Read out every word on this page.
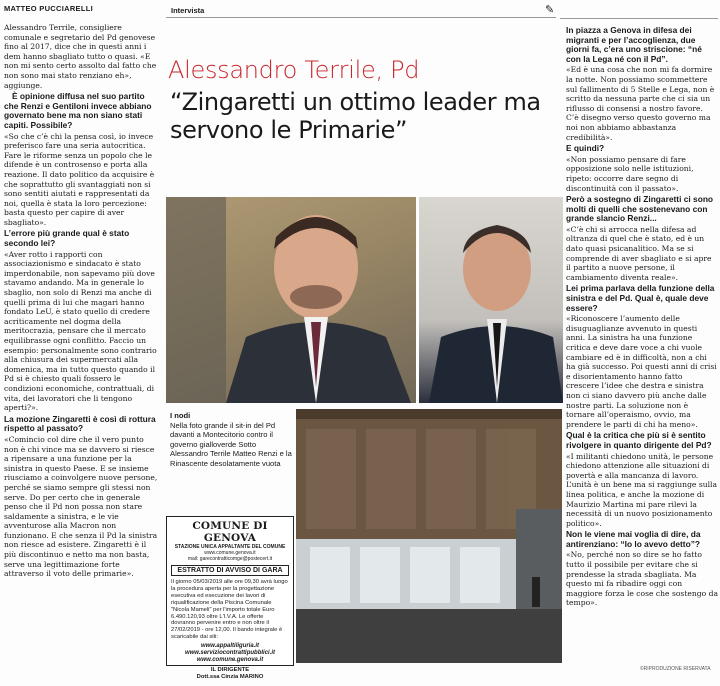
MATTEO PUCCIARELLI

Alessandro Terrile, consigliere comunale e segretario del Pd genovese fino al 2017, dice che in questi anni i dem hanno sbagliato tutto o quasi. «E non mi sento certo assolto dal fatto che non sono mai stato renziano eh», aggiunge.

È opinione diffusa nel suo partito che Renzi e Gentiloni invece abbiano governato bene ma non siano stati capiti. Possibile?

«So che c’è chi la pensa così, io invece preferisco fare una seria autocritica. Fare le riforme senza un popolo che le difende è un controsenso e porta alla reazione. Il dato politico da acquisire è che soprattutto gli svantaggiati non si sono sentiti aiutati e rappresentati da noi, quella è stata la loro percezione: basta questo per capire di aver sbagliato».

L’errore più grande qual è stato secondo lei?

«Aver rotto i rapporti con associazionismo e sindacato è stato imperdonabile, non sapevamo più dove stavamo andando. Ma in generale lo sbaglio, non solo di Renzi ma anche di quelli prima di lui che magari hanno fondato LeU, è stato quello di credere acriticamente nel dogma della meritocrazia, pensare che il mercato equilibrasse ogni conflitto. Faccio un esempio: personalmente sono contrario alla chiusura dei supermercati alla domenica, ma in tutto questo quando il Pd si è chiesto quali fossero le condizioni economiche, contrattuali, di vita, dei lavoratori che li tengono aperti?».

La mozione Zingaretti è così di rottura rispetto al passato?

«Comincio col dire che il vero punto non è chi vince ma se davvero si riesce a ripensare a una funzione per la sinistra in questo Paese. E se insieme riusciamo a coinvolgere nuove persone, perché se siamo sempre gli stessi non serve. Do per certo che in generale penso che il Pd non possa non stare saldamente a sinistra, e le vie avventurose alla Macron non funzionano. E che senza il Pd la sinistra non riesce ad esistere. Zingaretti è il più discontinuo e netto ma non basta, serve una legittimazione forte attraverso il voto delle primarie».

Intervista	✎
Alessandro Terrile, Pd
“Zingaretti un ottimo leader ma servono le Primarie”
I nodi
Nella foto grande il sit-in del Pd davanti a Montecitorio contro il governo gialloverde Sotto Alessandro Terrile Matteo Renzi e la Rinascente desolatamente vuota
COMUNE DI GENOVA
STAZIONE UNICA APPALTANTE DEL COMUNE
www.comune.genova.it
mail: garecontratticomge@postecert.it
ESTRATTO DI AVVISO DI GARA
Il giorno 05/03/2019 alle ore 09,30 avrà luogo la procedura aperta per la progettazione esecutiva ed esecuzione dei lavori di riqualificazione della Piscina Comunale "Nicola Mameli" per l'importo totale Euro 6.490.120,93 oltre L'I.V.A. Le offerte dovranno pervenire entro e non oltre il 27/02/2019 - ore 12,00. Il bando integrale è scaricabile dai siti:
www.appaltiliguria.it
www.serviziocontrattipubblici.it
www.comune.genova.it
IL DIRIGENTE
Dott.ssa Cinzia MARINO

In piazza a Genova in difesa dei migranti e per l’accoglienza, due giorni fa, c’era uno striscione: “né con la Lega né con il Pd”.

«Ed è una cosa che non mi fa dormire la notte. Non possiamo scommettere sul fallimento di 5 Stelle e Lega, non è scritto da nessuna parte che ci sia un riflusso di consensi a nostro favore. C’è disegno verso questo governo ma noi non abbiamo abbastanza credibilità».

E quindi?

«Non possiamo pensare di fare opposizione solo nelle istituzioni, ripeto: occorre dare segno di discontinuità con il passato».

Però a sostegno di Zingaretti ci sono molti di quelli che sostenevano con grande slancio Renzi...

«C’è chi si arrocca nella difesa ad oltranza di quel che è stato, ed è un dato quasi psicanalitico. Ma se si comprende di aver sbagliato e si apre il partito a nuove persone, il cambiamento diventa reale».

Lei prima parlava della funzione della sinistra e del Pd. Qual è, quale deve essere?

«Riconoscere l’aumento delle disuguaglianze avvenuto in questi anni. La sinistra ha una funzione critica e deve dare voce a chi vuole cambiare ed è in difficoltà, non a chi ha già successo. Poi questi anni di crisi e disorientamento hanno fatto crescere l’idee che destra e sinistra non ci siano davvero più anche dalle nostre parti. La soluzione non è tornare all’operaismo, ovvio, ma prendere le parti di chi ha meno».

Qual è la critica che più si è sentito rivolgere in quanto dirigente del Pd?

«I militanti chiedono unità, le persone chiedono attenzione alle situazioni di povertà e alla mancanza di lavoro. L’unità è un bene ma si raggiunge sulla linea politica, e anche la mozione di Maurizio Martina mi pare rilevi la necessità di un nuovo posizionamento politico».

Non le viene mai voglia di dire, da antirenziano: “Io lo avevo detto”?

«No, perché non so dire se ho fatto tutto il possibile per evitare che si prendesse la strada sbagliata. Ma questo mi fa ribadire oggi con maggiore forza le cose che sostengo da tempo».

©RIPRODUZIONE RISERVATA
